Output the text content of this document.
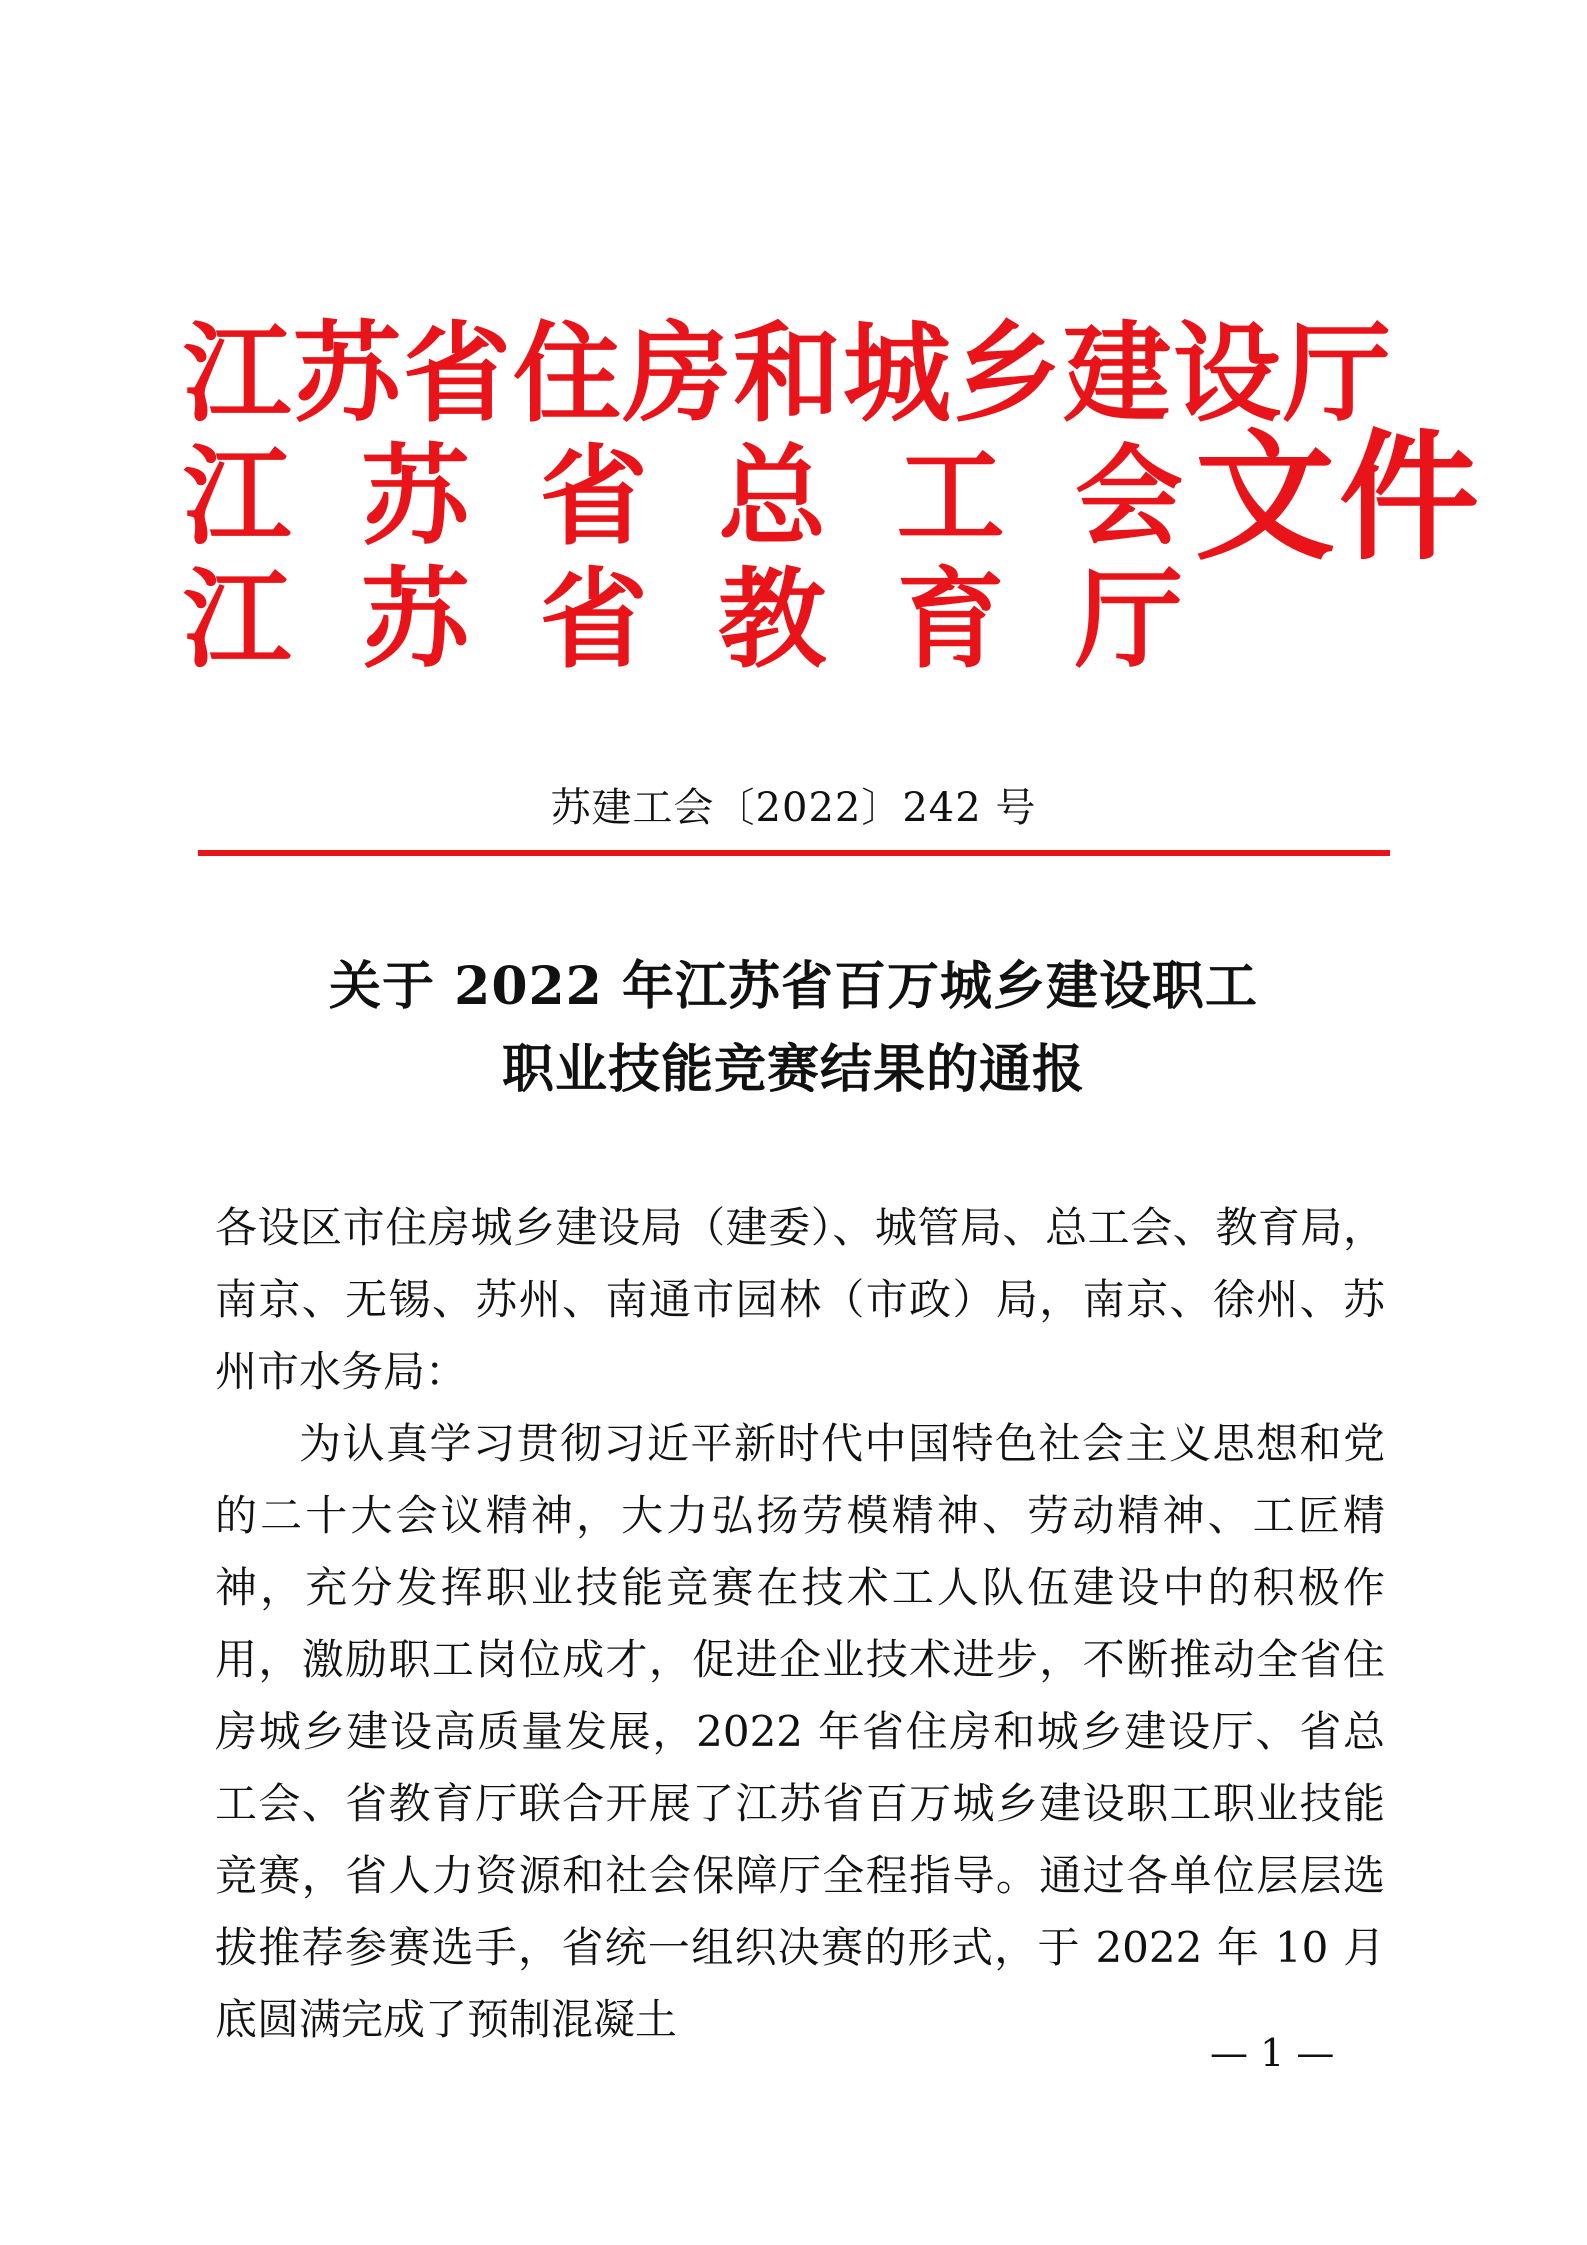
江苏省住房和城乡建设厅
江 苏 省 总 工 会
江 苏 省 教 育 厅
文件
苏建工会〔2022〕242 号
关于 2022 年江苏省百万城乡建设职工
职业技能竞赛结果的通报

各设区市住房城乡建设局（建委）、城管局、总工会、教育局，南京、无锡、苏州、南通市园林（市政）局，南京、徐州、苏州市水务局：

为认真学习贯彻习近平新时代中国特色社会主义思想和党的二十大会议精神，大力弘扬劳模精神、劳动精神、工匠精神，充分发挥职业技能竞赛在技术工人队伍建设中的积极作用，激励职工岗位成才，促进企业技术进步，不断推动全省住房城乡建设高质量发展，2022 年省住房和城乡建设厅、省总工会、省教育厅联合开展了江苏省百万城乡建设职工职业技能竞赛，省人力资源和社会保障厅全程指导。通过各单位层层选拔推荐参赛选手，省统一组织决赛的形式，于 2022 年 10 月底圆满完成了预制混凝土

— 1 —
